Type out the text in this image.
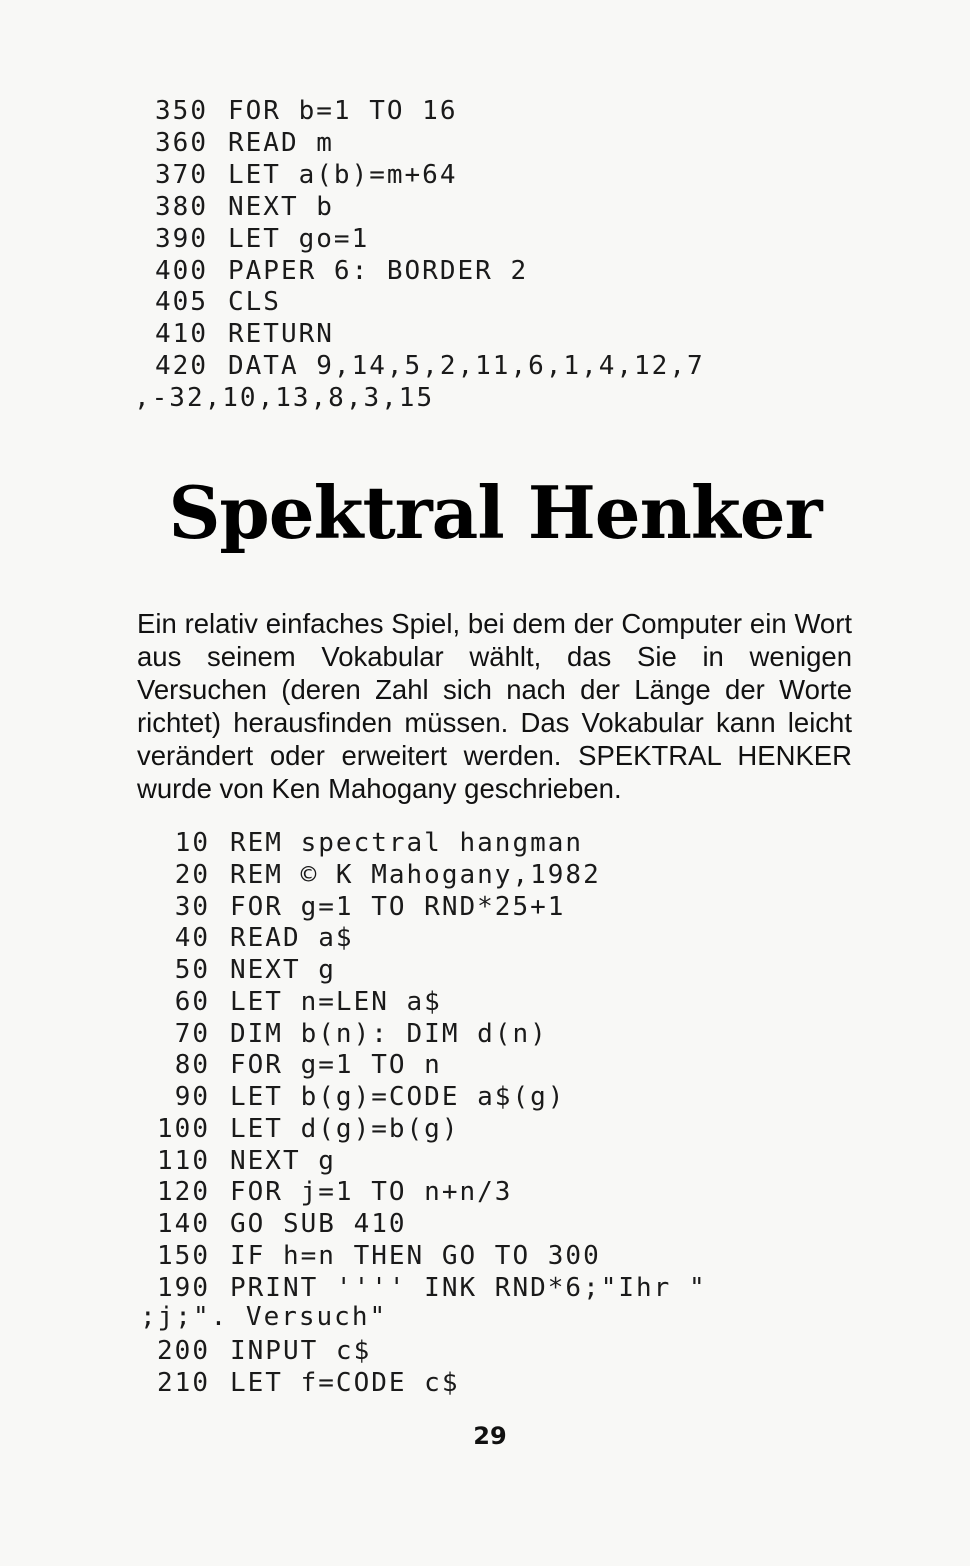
350 FOR b=1 TO 16
360 READ m
370 LET a(b)=m+64
380 NEXT b
390 LET go=1
400 PAPER 6: BORDER 2
405 CLS
410 RETURN
420 DATA 9,14,5,2,11,6,1,4,12,7
,-32,10,13,8,3,15
Spektral Henker
Ein relativ einfaches Spiel, bei dem der Computer ein Wort aus seinem Vokabular wählt, das Sie in wenigen Versuchen (deren Zahl sich nach der Länge der Worte richtet) herausfinden müssen. Das Vokabular kann leicht verändert oder erweitert werden. SPEKTRAL HENKER wurde von Ken Mahogany geschrieben.
10 REM spectral hangman
20 REM © K Mahogany,1982
30 FOR g=1 TO RND*25+1
40 READ a$
50 NEXT g
60 LET n=LEN a$
70 DIM b(n): DIM d(n)
80 FOR g=1 TO n
90 LET b(g)=CODE a$(g)
100 LET d(g)=b(g)
110 NEXT g
120 FOR j=1 TO n+n/3
140 GO SUB 410
150 IF h=n THEN GO TO 300
190 PRINT '''' INK RND*6;"Ihr "
200 INPUT c$
210 LET f=CODE c$
;j;". Versuch"
29
